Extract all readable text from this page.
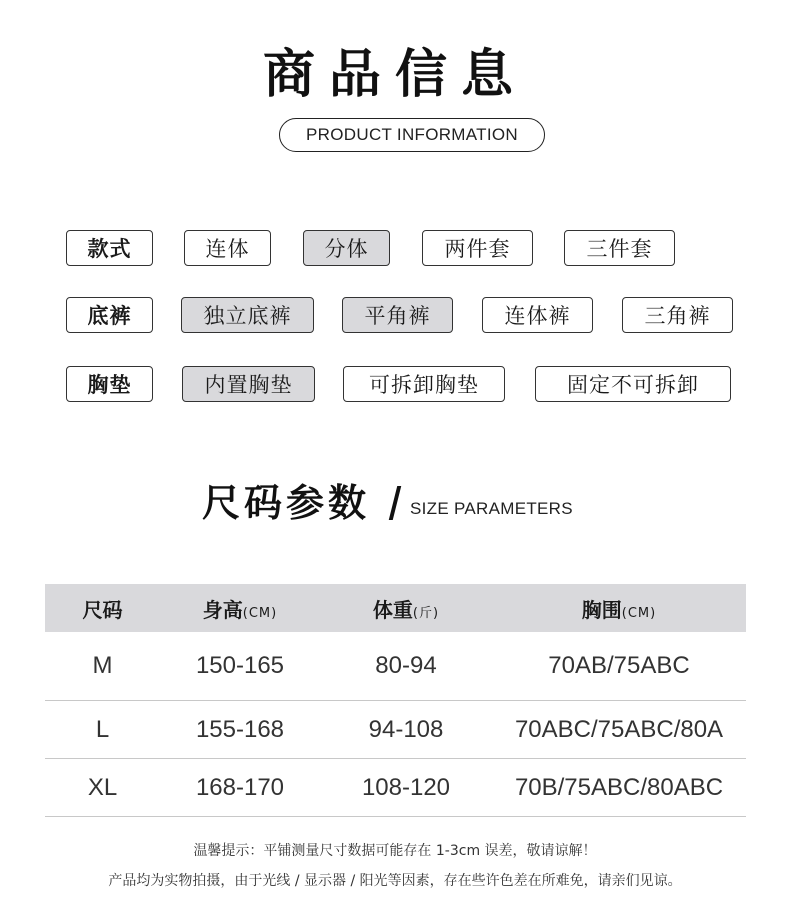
商品信息
PRODUCT INFORMATION
款式	连体	分体	两件套	三件套
底裤	独立底裤	平角裤	连体裤	三角裤
胸垫	内置胸垫	可拆卸胸垫	固定不可拆卸
尺码参数 SIZE PARAMETERS
尺码	身高(CM)	体重(斤)	胸围(CM)
M	150-165	80-94	70AB/75ABC
L	155-168	94-108	70ABC/75ABC/80A
XL	168-170	108-120	70B/75ABC/80ABC
温馨提示：平铺测量尺寸数据可能存在 1-3cm 误差，敬请谅解！
产品均为实物拍摄，由于光线 / 显示器 / 阳光等因素，存在些许色差在所难免，请亲们见谅。
